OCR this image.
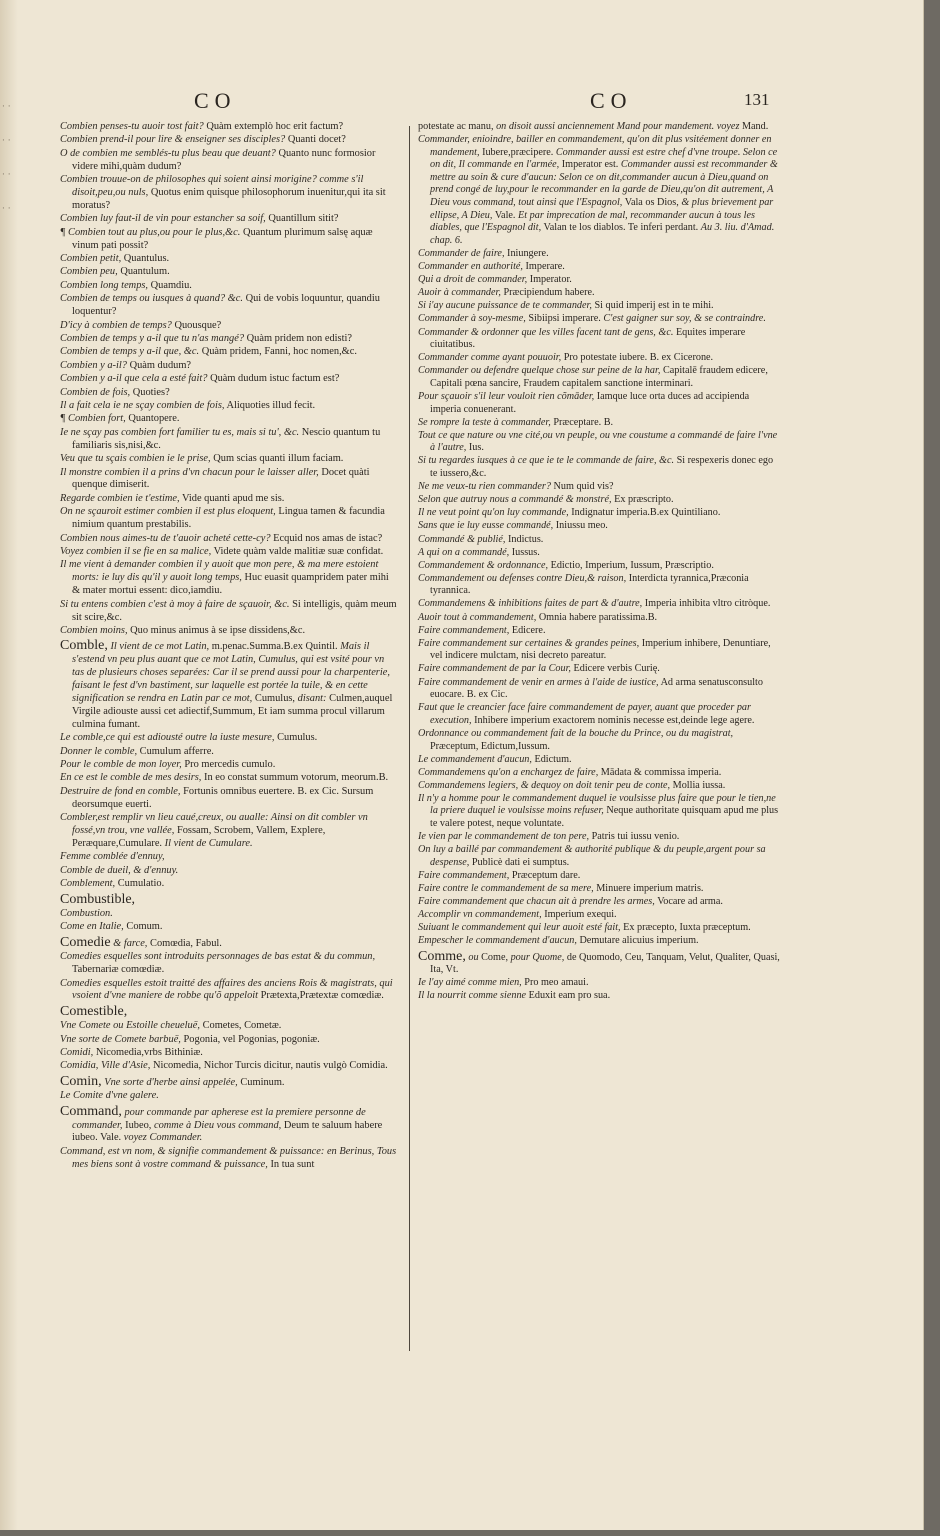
· · · · · · · ·
CO	CO	131
Combien penses-tu auoir tost fait? Quàm extemplò hoc erit factum?
Combien prend-il pour lire & enseigner ses disciples? Quanti docet?
O de combien me semblés-tu plus beau que deuant? Quanto nunc formosior videre mihi,quàm dudum?
Combien trouue-on de philosophes qui soient ainsi morigine? comme s'il disoit,peu,ou nuls, Quotus enim quisque philosophorum inuenitur,qui ita sit moratus?
Combien luy faut-il de vin pour estancher sa soif, Quantillum sitit?
¶ Combien tout au plus,ou pour le plus,&c. Quantum plurimum salsę aquæ vinum pati possit?
Combien petit, Quantulus.
Combien peu, Quantulum.
Combien long temps, Quamdiu.
Combien de temps ou iusques à quand? &c. Qui de vobis loquuntur, quandiu loquentur?
D'icy à combien de temps? Quousque?
Combien de temps y a-il que tu n'as mangé? Quàm pridem non edisti?
Combien de temps y a-il que, &c. Quàm pridem, Fanni, hoc nomen,&c.
Combien y a-il? Quàm dudum?
Combien y a-il que cela a esté fait? Quàm dudum istuc factum est?
Combien de fois, Quoties?
Il a fait cela ie ne sçay combien de fois, Aliquoties illud fecit.
¶ Combien fort, Quantopere.
Ie ne sçay pas combien fort familier tu es, mais si tu', &c. Nescio quantum tu familiaris sis,nisi,&c.
Veu que tu sçais combien ie le prise, Qum scias quanti illum faciam.
Il monstre combien il a prins d'vn chacun pour le laisser aller, Docet quàti quenque dimiserit.
Regarde combien ie t'estime, Vide quanti apud me sis.
On ne sçauroit estimer combien il est plus eloquent, Lingua tamen & facundia nimium quantum prestabilis.
Combien nous aimes-tu de t'auoir acheté cette-cy? Ecquid nos amas de istac?
Voyez combien il se fie en sa malice, Videte quàm valde malitiæ suæ confidat.
Il me vient à demander combien il y auoit que mon pere, & ma mere estoient morts: ie luy dis qu'il y auoit long temps, Huc euasit quampridem pater mihi & mater mortui essent: dico,iamdiu.
Si tu entens combien c'est à moy à faire de sçauoir, &c. Si intelligis, quàm meum sit scire,&c.
Combien moins, Quo minus animus à se ipse dissidens,&c.
Comble, Il vient de ce mot Latin, m.penac.Summa.B.ex Quintil. Mais il s'estend vn peu plus auant que ce mot Latin, Cumulus, qui est vsité pour vn tas de plusieurs choses separées: Car il se prend aussi pour la charpenterie, faisant le fest d'vn bastiment, sur laquelle est portée la tuile, & en cette signification se rendra en Latin par ce mot, Cumulus, disant: Culmen,auquel Virgile adiouste aussi cet adiectif,Summum, Et iam summa procul villarum culmina fumant.
Le comble,ce qui est adiousté outre la iuste mesure, Cumulus.
Donner le comble, Cumulum afferre.
Pour le comble de mon loyer, Pro mercedis cumulo.
En ce est le comble de mes desirs, In eo constat summum votorum, meorum.B.
Destruire de fond en comble, Fortunis omnibus euertere. B. ex Cic. Sursum deorsumque euerti.
Combler,est remplir vn lieu caué,creux, ou aualle: Ainsi on dit combler vn fossé,vn trou, vne vallée, Fossam, Scrobem, Vallem, Explere, Peræquare,Cumulare. Il vient de Cumulare.
Femme comblée d'ennuy,
Comble de dueil, & d'ennuy.
Comblement, Cumulatio.
Combustible,
Combustion.
Come en Italie, Comum.
Comedie & farce, Comœdia, Fabul.
Comedies esquelles sont introduits personnages de bas estat & du commun, Tabernariæ comœdiæ.
Comedies esquelles estoit traitté des affaires des anciens Rois & magistrats, qui vsoient d'vne maniere de robbe qu'õ appeloit Prætexta,Prætextæ comœdiæ.
Comestible,
Vne Comete ou Estoille cheueluë, Cometes, Cometæ.
Vne sorte de Comete barbuë, Pogonia, vel Pogonias, pogoniæ.
Comidi, Nicomedia,vrbs Bithiniæ.
Comidia, Ville d'Asie, Nicomedia, Nichor Turcis dicitur, nautis vulgò Comidia.
Comin, Vne sorte d'herbe ainsi appelée, Cuminum.
Le Comite d'vne galere.
Command, pour commande par apherese est la premiere personne de commander, Iubeo, comme à Dieu vous command, Deum te saluum habere iubeo. Vale. voyez Commander.
Command, est vn nom, & signifie commandement & puissance: en Berinus, Tous mes biens sont à vostre command & puissance, In tua sunt
potestate ac manu, on disoit aussi anciennement Mand pour mandement. voyez Mand.
Commander, enioindre, bailler en commandement, qu'on dit plus vsitéement donner en mandement, Iubere,præcipere. Commander aussi est estre chef d'vne troupe. Selon ce on dit, Il commande en l'armée, Imperator est. Commander aussi est recommander & mettre au soin & cure d'aucun: Selon ce on dit,commander aucun à Dieu,quand on prend congé de luy,pour le recommander en la garde de Dieu,qu'on dit autrement, A Dieu vous command, tout ainsi que l'Espagnol, Vala os Dios, & plus brievement par ellipse, A Dieu, Vale. Et par imprecation de mal, recommander aucun à tous les diables, que l'Espagnol dit, Valan te los diablos. Te inferi perdant. Au 3. liu. d'Amad. chap. 6.
Commander de faire, Iniungere.
Commander en authorité, Imperare.
Qui a droit de commander, Imperator.
Auoir à commander, Præcipiendum habere.
Si i'ay aucune puissance de te commander, Si quid imperij est in te mihi.
Commander à soy-mesme, Sibiipsi imperare. C'est gaigner sur soy, & se contraindre.
Commander & ordonner que les villes facent tant de gens, &c. Equites imperare ciuitatibus.
Commander comme ayant pouuoir, Pro potestate iubere. B. ex Cicerone.
Commander ou defendre quelque chose sur peine de la har, Capitalē fraudem edicere, Capitali pœna sancire, Fraudem capitalem sanctione interminari.
Pour sçauoir s'il leur vouloit rien cõmāder, Iamque luce orta duces ad accipienda imperia conuenerant.
Se rompre la teste à commander, Præceptare. B.
Tout ce que nature ou vne cité,ou vn peuple, ou vne coustume a commandé de faire l'vne à l'autre, Ius.
Si tu regardes iusques à ce que ie te le commande de faire, &c. Si respexeris donec ego te iussero,&c.
Ne me veux-tu rien commander? Num quid vis?
Selon que autruy nous a commandé & monstré, Ex præscripto.
Il ne veut point qu'on luy commande, Indignatur imperia.B.ex Quintiliano.
Sans que ie luy eusse commandé, Iniussu meo.
Commandé & publié, Indictus.
A qui on a commandé, Iussus.
Commandement & ordonnance, Edictio, Imperium, Iussum, Præscriptio.
Commandement ou defenses contre Dieu,& raison, Interdicta tyrannica,Præconia tyrannica.
Commandemens & inhibitions faites de part & d'autre, Imperia inhibita vltro citròque.
Auoir tout à commandement, Omnia habere paratissima.B.
Faire commandement, Edicere.
Faire commandement sur certaines & grandes peines, Imperium inhibere, Denuntiare, vel indicere mulctam, nisi decreto pareatur.
Faire commandement de par la Cour, Edicere verbis Curię.
Faire commandement de venir en armes à l'aide de iustice, Ad arma senatusconsulto euocare. B. ex Cic.
Faut que le creancier face faire commandement de payer, auant que proceder par execution, Inhibere imperium exactorem nominis necesse est,deinde lege agere.
Ordonnance ou commandement fait de la bouche du Prince, ou du magistrat, Præceptum, Edictum,Iussum.
Le commandement d'aucun, Edictum.
Commandemens qu'on a enchargez de faire, Mādata & commissa imperia.
Commandemens legiers, & dequoy on doit tenir peu de conte, Mollia iussa.
Il n'y a homme pour le commandement duquel ie voulsisse plus faire que pour le tien,ne la priere duquel ie voulsisse moins refuser, Neque authoritate quisquam apud me plus te valere potest, neque voluntate.
Ie vien par le commandement de ton pere, Patris tui iussu venio.
On luy a baillé par commandement & authorité publique & du peuple,argent pour sa despense, Publicè dati ei sumptus.
Faire commandement, Præceptum dare.
Faire contre le commandement de sa mere, Minuere imperium matris.
Faire commandement que chacun ait à prendre les armes, Vocare ad arma.
Accomplir vn commandement, Imperium exequi.
Suiuant le commandement qui leur auoit esté fait, Ex præcepto, Iuxta præceptum.
Empescher le commandement d'aucun, Demutare alicuius imperium.
Comme, ou Come, pour Quome, de Quomodo, Ceu, Tanquam, Velut, Qualiter, Quasi, Ita, Vt.
Ie l'ay aimé comme mien, Pro meo amaui.
Il la nourrit comme sienne Eduxit eam pro sua.
